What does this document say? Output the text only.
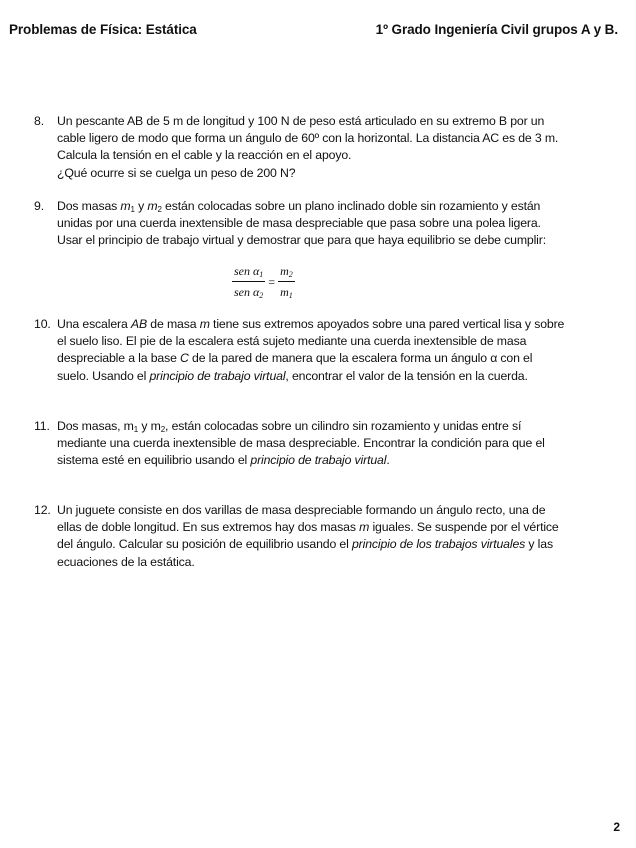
Problemas de Física: Estática	1º Grado Ingeniería Civil grupos A y B.
8. Un pescante AB de 5 m de longitud y 100 N de peso está articulado en su extremo B por un
cable ligero de modo que forma un ángulo de 60º con la horizontal. La distancia AC es de 3 m.
Calcula la tensión en el cable y la reacción en el apoyo.
¿Qué ocurre si se cuelga un peso de 200 N?
9. Dos masas $m_1$ y $m_2$ están colocadas sobre un plano inclinado doble sin rozamiento y están
unidas por una cuerda inextensible de masa despreciable que pasa sobre una polea ligera.
Usar el principio de trabajo virtual y demostrar que para que haya equilibrio se debe cumplir:
$\frac{sen \alpha_1}{sen \alpha_2} = \frac{m_2}{m_1}$
10. Una escalera AB de masa m tiene sus extremos apoyados sobre una pared vertical lisa y sobre
el suelo liso. El pie de la escalera está sujeto mediante una cuerda inextensible de masa
despreciable a la base C de la pared de manera que la escalera forma un ángulo α con el
suelo. Usando el principio de trabajo virtual, encontrar el valor de la tensión en la cuerda.
11. Dos masas, $m_1$ y $m_2$, están colocadas sobre un cilindro sin rozamiento y unidas entre sí
mediante una cuerda inextensible de masa despreciable. Encontrar la condición para que el
sistema esté en equilibrio usando el principio de trabajo virtual.
12. Un juguete consiste en dos varillas de masa despreciable formando un ángulo recto, una de
ellas de doble longitud. En sus extremos hay dos masas m iguales. Se suspende por el vértice
del ángulo. Calcular su posición de equilibrio usando el principio de los trabajos virtuales y las
ecuaciones de la estática.
2
